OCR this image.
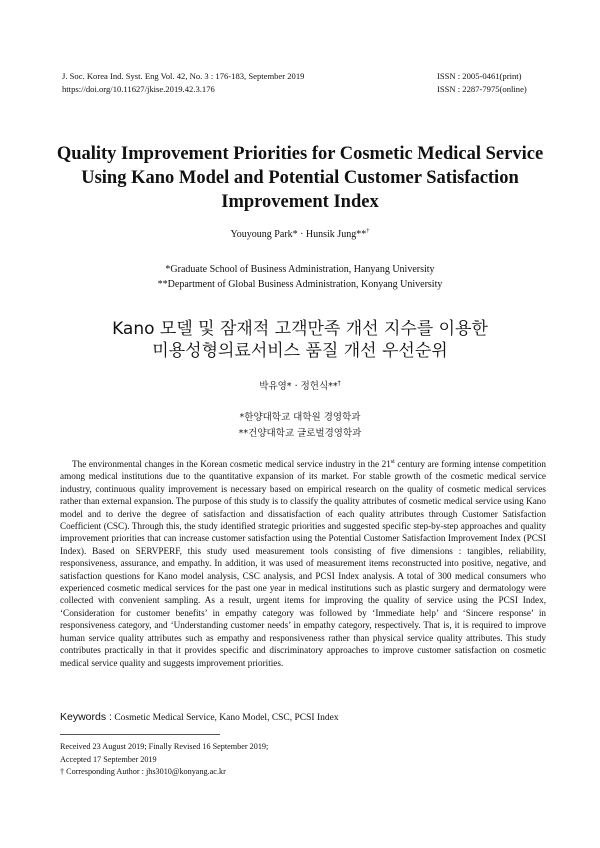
J. Soc. Korea Ind. Syst. Eng Vol. 42, No. 3 : 176-183, September 2019
https://doi.org/10.11627/jkise.2019.42.3.176
ISSN : 2005-0461(print)
ISSN : 2287-7975(online)
Quality Improvement Priorities for Cosmetic Medical Service
Using Kano Model and Potential Customer Satisfaction
Improvement Index
Youyoung Park* · Hunsik Jung**†
*Graduate School of Business Administration, Hanyang University
**Department of Global Business Administration, Konyang University
Kano 모델 및 잠재적 고객만족 개선 지수를 이용한
미용성형의료서비스 품질 개선 우선순위
박유영* · 정헌식**†
*한양대학교 대학원 경영학과
**건양대학교 글로벌경영학과
The environmental changes in the Korean cosmetic medical service industry in the 21st century are forming intense competition among medical institutions due to the quantitative expansion of its market. For stable growth of the cosmetic medical service industry, continuous quality improvement is necessary based on empirical research on the quality of cosmetic medical services rather than external expansion. The purpose of this study is to classify the quality attributes of cosmetic medical service using Kano model and to derive the degree of satisfaction and dissatisfaction of each quality attributes through Customer Satisfaction Coefficient (CSC). Through this, the study identified strategic priorities and suggested specific step-by-step approaches and quality improvement priorities that can increase customer satisfaction using the Potential Customer Satisfaction Improvement Index (PCSI Index). Based on SERVPERF, this study used measurement tools consisting of five dimensions : tangibles, reliability, responsiveness, assurance, and empathy. In addition, it was used of measurement items reconstructed into positive, negative, and satisfaction questions for Kano model analysis, CSC analysis, and PCSI Index analysis. A total of 300 medical consumers who experienced cosmetic medical services for the past one year in medical institutions such as plastic surgery and dermatology were collected with convenient sampling. As a result, urgent items for improving the quality of service using the PCSI Index, ‘Consideration for customer benefits’ in empathy category was followed by ‘Immediate help’ and ‘Sincere response’ in responsiveness category, and ‘Understanding customer needs’ in empathy category, respectively. That is, it is required to improve human service quality attributes such as empathy and responsiveness rather than physical service quality attributes. This study contributes practically in that it provides specific and discriminatory approaches to improve customer satisfaction on cosmetic medical service quality and suggests improvement priorities.
Keywords : Cosmetic Medical Service, Kano Model, CSC, PCSI Index
Received 23 August 2019; Finally Revised 16 September 2019;
Accepted 17 September 2019
† Corresponding Author : jhs3010@konyang.ac.kr
